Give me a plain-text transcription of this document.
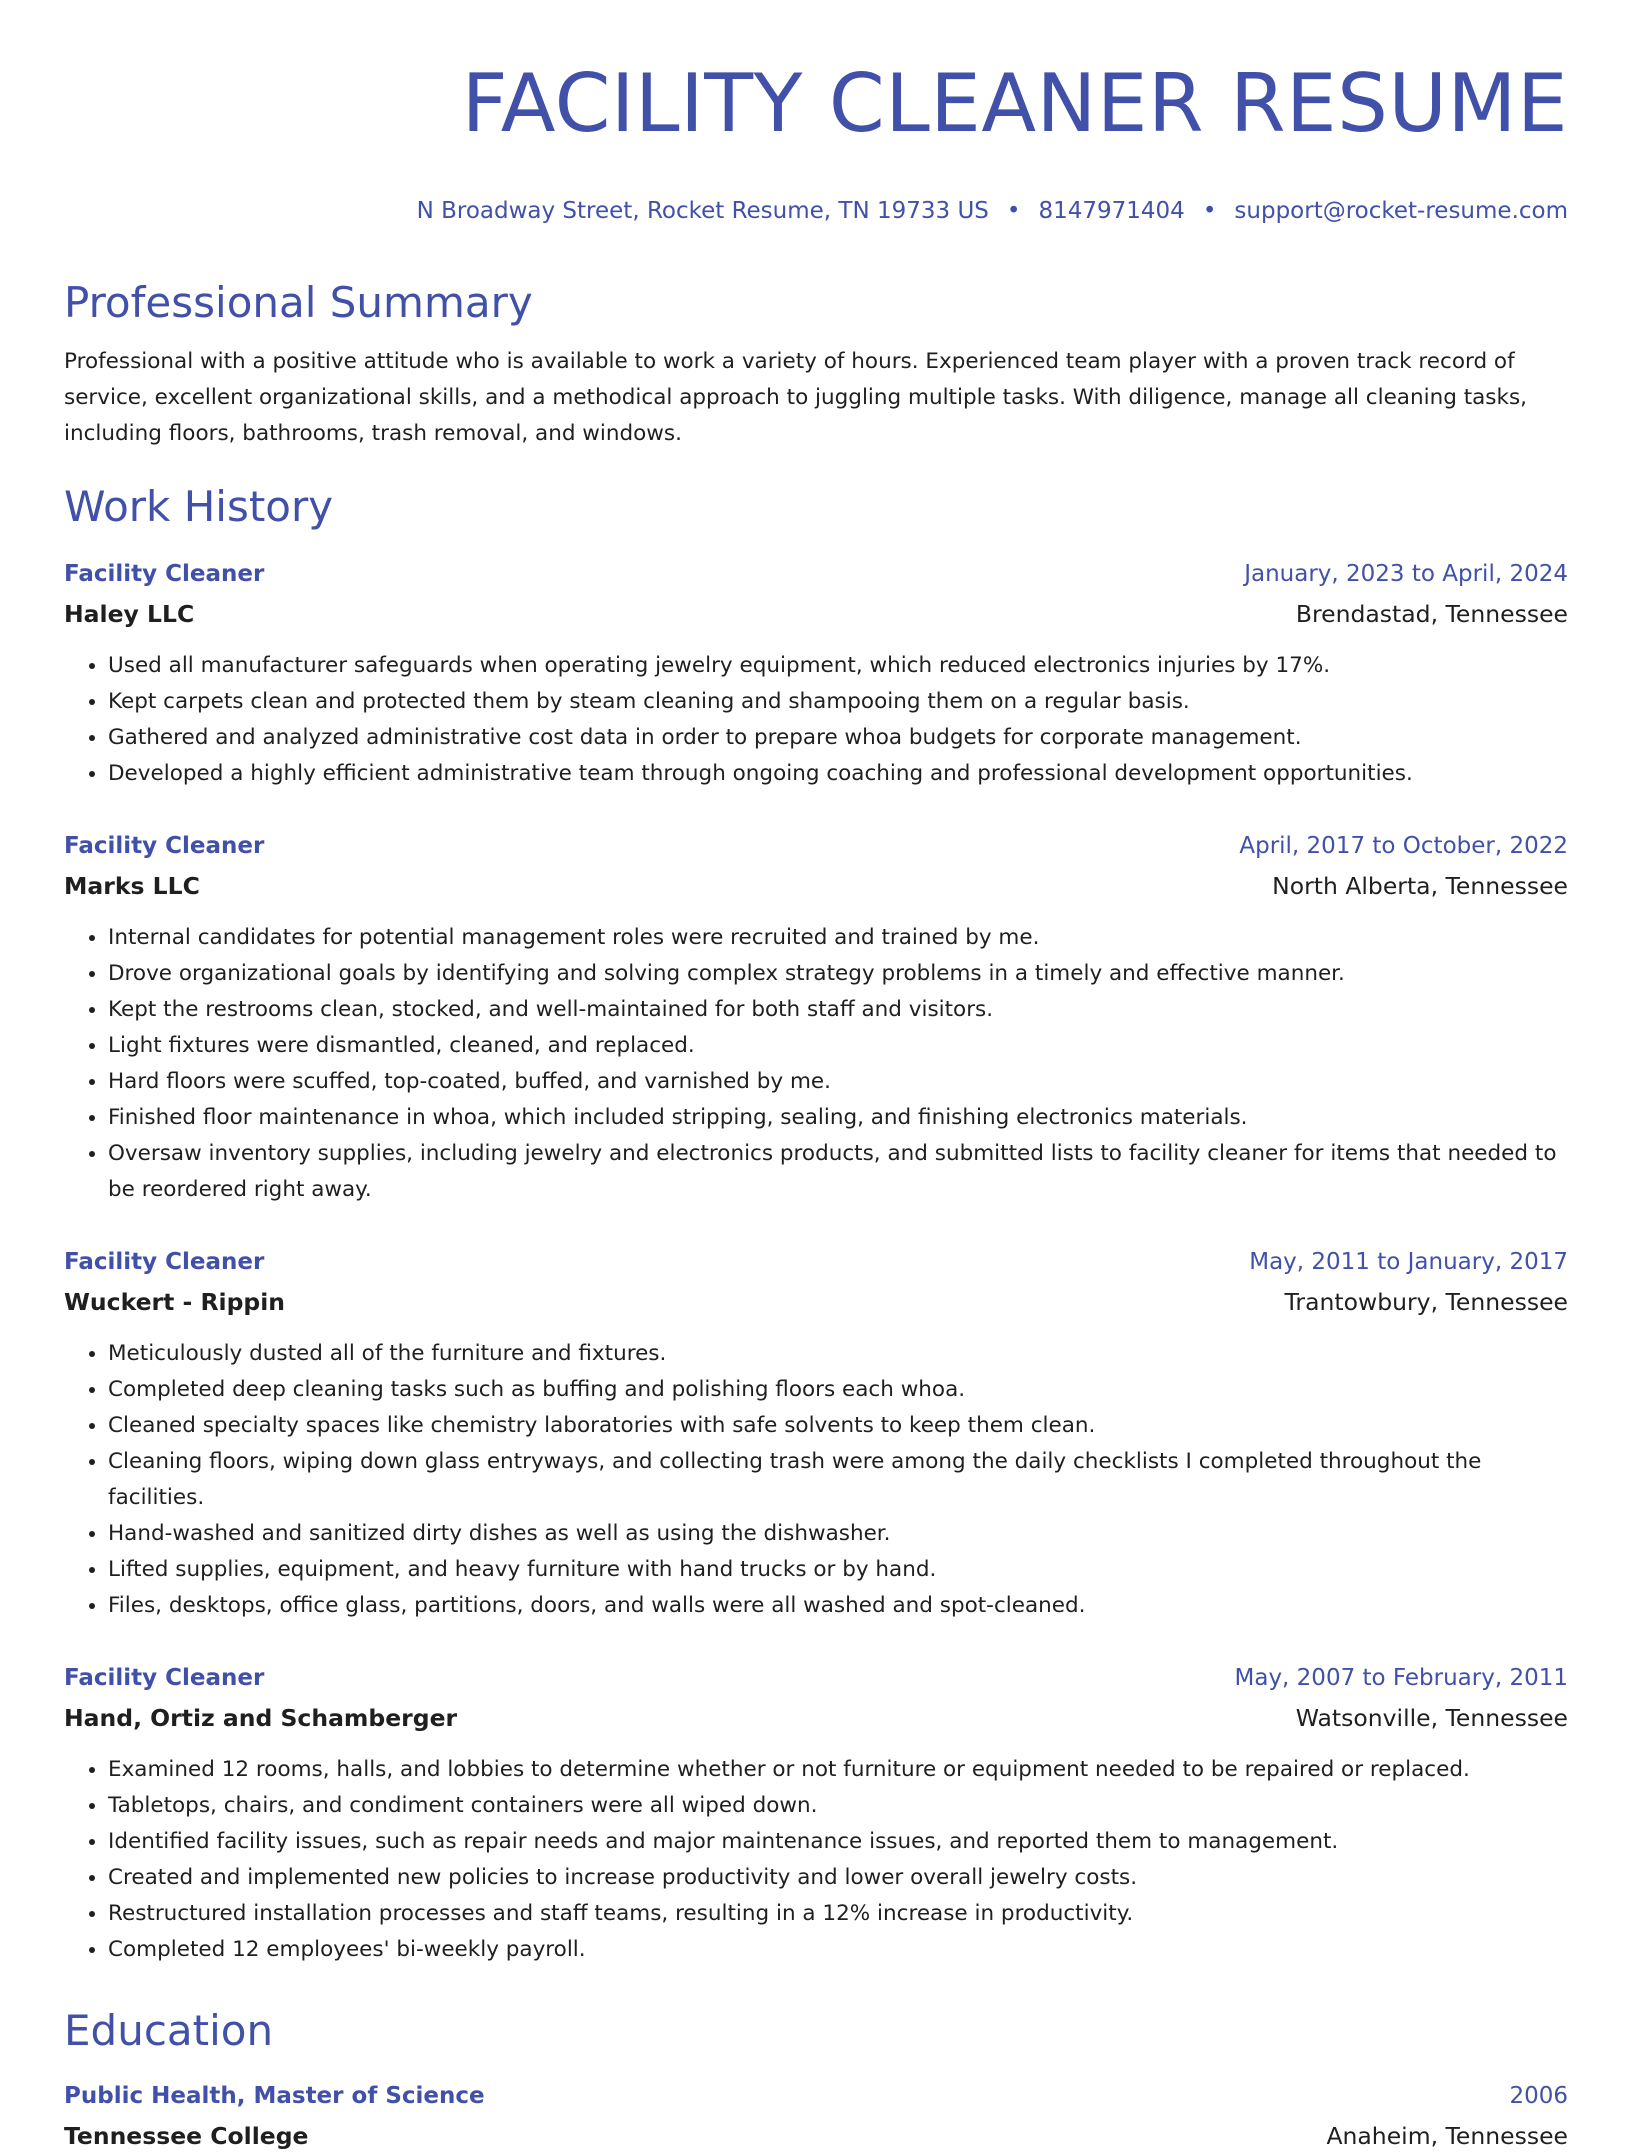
FACILITY CLEANER RESUME
N Broadway Street, Rocket Resume, TN 19733 US • 8147971404 • support@rocket-resume.com
Professional Summary
Professional with a positive attitude who is available to work a variety of hours. Experienced team player with a proven track record of service, excellent organizational skills, and a methodical approach to juggling multiple tasks. With diligence, manage all cleaning tasks, including floors, bathrooms, trash removal, and windows.
Work History
Facility Cleaner	January, 2023 to April, 2024
Haley LLC	Brendastad, Tennessee
• Used all manufacturer safeguards when operating jewelry equipment, which reduced electronics injuries by 17%.
• Kept carpets clean and protected them by steam cleaning and shampooing them on a regular basis.
• Gathered and analyzed administrative cost data in order to prepare whoa budgets for corporate management.
• Developed a highly efficient administrative team through ongoing coaching and professional development opportunities.
Facility Cleaner	April, 2017 to October, 2022
Marks LLC	North Alberta, Tennessee
• Internal candidates for potential management roles were recruited and trained by me.
• Drove organizational goals by identifying and solving complex strategy problems in a timely and effective manner.
• Kept the restrooms clean, stocked, and well-maintained for both staff and visitors.
• Light fixtures were dismantled, cleaned, and replaced.
• Hard floors were scuffed, top-coated, buffed, and varnished by me.
• Finished floor maintenance in whoa, which included stripping, sealing, and finishing electronics materials.
• Oversaw inventory supplies, including jewelry and electronics products, and submitted lists to facility cleaner for items that needed to be reordered right away.
Facility Cleaner	May, 2011 to January, 2017
Wuckert - Rippin	Trantowbury, Tennessee
• Meticulously dusted all of the furniture and fixtures.
• Completed deep cleaning tasks such as buffing and polishing floors each whoa.
• Cleaned specialty spaces like chemistry laboratories with safe solvents to keep them clean.
• Cleaning floors, wiping down glass entryways, and collecting trash were among the daily checklists I completed throughout the facilities.
• Hand-washed and sanitized dirty dishes as well as using the dishwasher.
• Lifted supplies, equipment, and heavy furniture with hand trucks or by hand.
• Files, desktops, office glass, partitions, doors, and walls were all washed and spot-cleaned.
Facility Cleaner	May, 2007 to February, 2011
Hand, Ortiz and Schamberger	Watsonville, Tennessee
• Examined 12 rooms, halls, and lobbies to determine whether or not furniture or equipment needed to be repaired or replaced.
• Tabletops, chairs, and condiment containers were all wiped down.
• Identified facility issues, such as repair needs and major maintenance issues, and reported them to management.
• Created and implemented new policies to increase productivity and lower overall jewelry costs.
• Restructured installation processes and staff teams, resulting in a 12% increase in productivity.
• Completed 12 employees' bi-weekly payroll.
Education
Public Health, Master of Science	2006
Tennessee College	Anaheim, Tennessee
